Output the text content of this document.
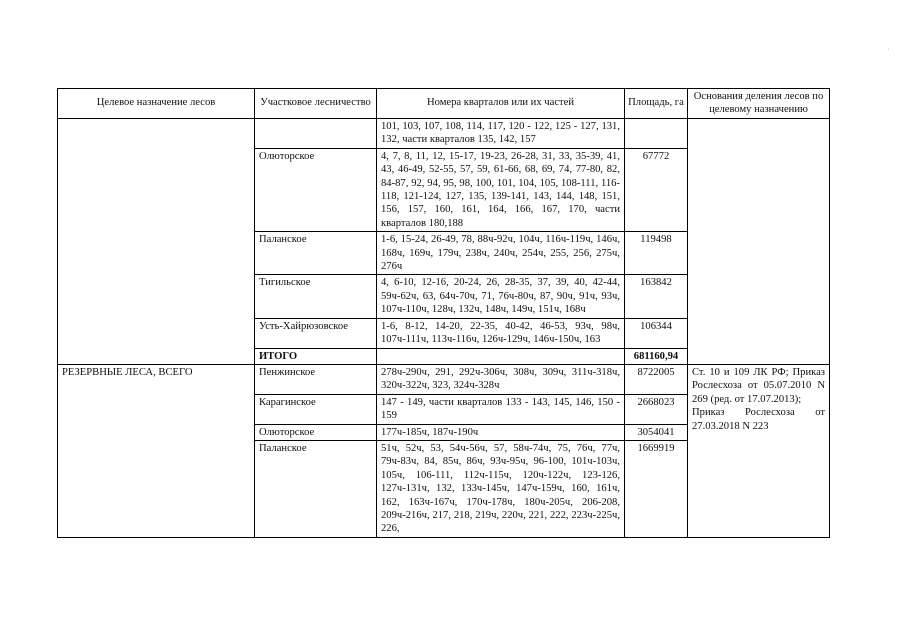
·
Целевое назначение лесов	Участковое лесничество	Номера кварталов или их частей	Площадь, га	Основания деления лесов по целевому назначению
		101, 103, 107, 108, 114, 117, 120 - 122, 125 - 127, 131, 132, части кварталов 135, 142, 157		
	Олюторское	4, 7, 8, 11, 12, 15-17, 19-23, 26-28, 31, 33, 35-39, 41, 43, 46-49, 52-55, 57, 59, 61-66, 68, 69, 74, 77-80, 82, 84-87, 92, 94, 95, 98, 100, 101, 104, 105, 108-111, 116-118, 121-124, 127, 135, 139-141, 143, 144, 148, 151, 156, 157, 160, 161, 164, 166, 167, 170, части кварталов 180,188	67772	
	Паланское	1-6, 15-24, 26-49, 78, 88ч-92ч, 104ч, 116ч-119ч, 146ч, 168ч, 169ч, 179ч, 238ч, 240ч, 254ч, 255, 256, 275ч, 276ч	119498	
	Тигильское	4, 6-10, 12-16, 20-24, 26, 28-35, 37, 39, 40, 42-44, 59ч-62ч, 63, 64ч-70ч, 71, 76ч-80ч, 87, 90ч, 91ч, 93ч, 107ч-110ч, 128ч, 132ч, 148ч, 149ч, 151ч, 168ч	163842	
	Усть-Хайрюзовское	1-6, 8-12, 14-20, 22-35, 40-42, 46-53, 93ч, 98ч, 107ч-111ч, 113ч-116ч, 126ч-129ч, 146ч-150ч, 163	106344	
	ИТОГО		681160,94	
РЕЗЕРВНЫЕ ЛЕСА, ВСЕГО	Пенжинское	278ч-290ч, 291, 292ч-306ч, 308ч, 309ч, 311ч-318ч, 320ч-322ч, 323, 324ч-328ч	8722005	Ст. 10 и 109 ЛК РФ; Приказ Рослесхоза от 05.07.2010 N 269 (ред. от 17.07.2013);
Приказ Рослесхоза от 27.03.2018 N 223

	Карагинское	147 - 149, части кварталов 133 - 143, 145, 146, 150 - 159	2668023	
	Олюторское	177ч-185ч, 187ч-190ч	3054041	
	Паланское	51ч, 52ч, 53, 54ч-56ч, 57, 58ч-74ч, 75, 76ч, 77ч, 79ч-83ч, 84, 85ч, 86ч, 93ч-95ч, 96-100, 101ч-103ч, 105ч, 106-111, 112ч-115ч, 120ч-122ч, 123-126, 127ч-131ч, 132, 133ч-145ч, 147ч-159ч, 160, 161ч, 162, 163ч-167ч, 170ч-178ч, 180ч-205ч, 206-208, 209ч-216ч, 217, 218, 219ч, 220ч, 221, 222, 223ч-225ч, 226,	1669919	
